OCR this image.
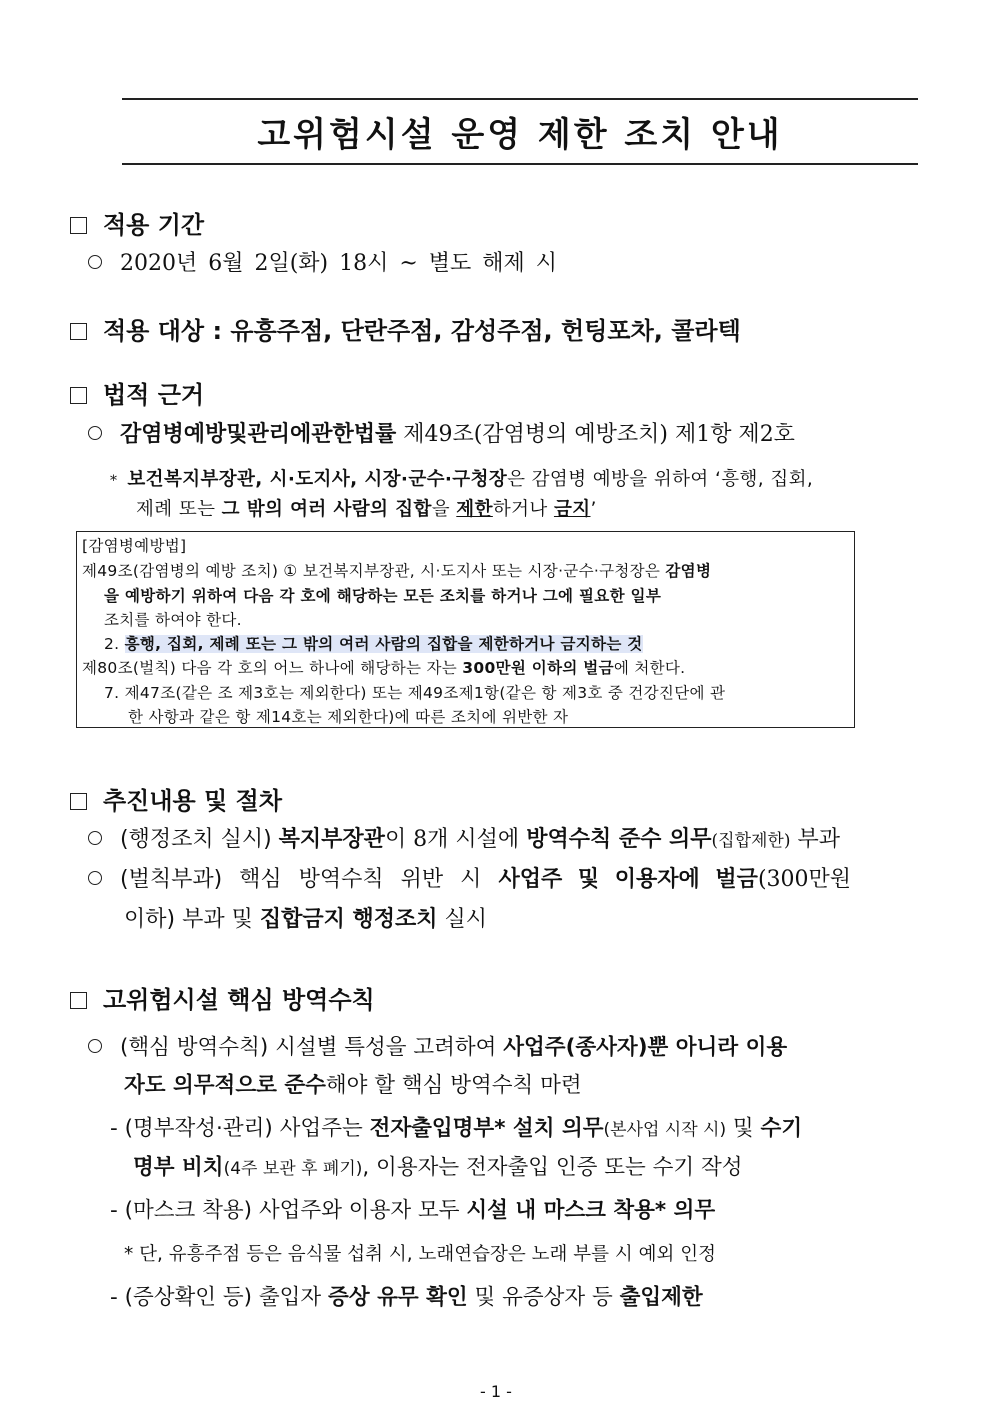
고위험시설 운영 제한 조치 안내
적용 기간
2020년 6월 2일(화) 18시 ~ 별도 해제 시
적용 대상 : 유흥주점, 단란주점, 감성주점, 헌팅포차, 콜라텍
법적 근거
감염병예방및관리에관한법률 제49조(감염병의 예방조치) 제1항 제2호
* 보건복지부장관, 시·도지사, 시장·군수·구청장은 감염병 예방을 위하여 ‘흥행, 집회,
제례 또는 그 밖의 여러 사람의 집합을 제한하거나 금지’
[감염병예방법]
제49조(감염병의 예방 조치) ① 보건복지부장관, 시·도지사 또는 시장·군수·구청장은 감염병
을 예방하기 위하여 다음 각 호에 해당하는 모든 조치를 하거나 그에 필요한 일부
조치를 하여야 한다.
2. 흥행, 집회, 제례 또는 그 밖의 여러 사람의 집합을 제한하거나 금지하는 것
제80조(벌칙) 다음 각 호의 어느 하나에 해당하는 자는 300만원 이하의 벌금에 처한다.
7. 제47조(같은 조 제3호는 제외한다) 또는 제49조제1항(같은 항 제3호 중 건강진단에 관
한 사항과 같은 항 제14호는 제외한다)에 따른 조치에 위반한 자
추진내용 및 절차
(행정조치 실시) 복지부장관이 8개 시설에 방역수칙 준수 의무(집합제한) 부과
(벌칙부과) 핵심 방역수칙 위반 시 사업주 및 이용자에 벌금(300만원
이하) 부과 및 집합금지 행정조치 실시
고위험시설 핵심 방역수칙
(핵심 방역수칙) 시설별 특성을 고려하여 사업주(종사자)뿐 아니라 이용
자도 의무적으로 준수해야 할 핵심 방역수칙 마련
- (명부작성·관리) 사업주는 전자출입명부* 설치 의무(본사업 시작 시) 및 수기
명부 비치(4주 보관 후 폐기), 이용자는 전자출입 인증 또는 수기 작성
- (마스크 착용) 사업주와 이용자 모두 시설 내 마스크 착용* 의무
* 단, 유흥주점 등은 음식물 섭취 시, 노래연습장은 노래 부를 시 예외 인정
- (증상확인 등) 출입자 증상 유무 확인 및 유증상자 등 출입제한
- 1 -
